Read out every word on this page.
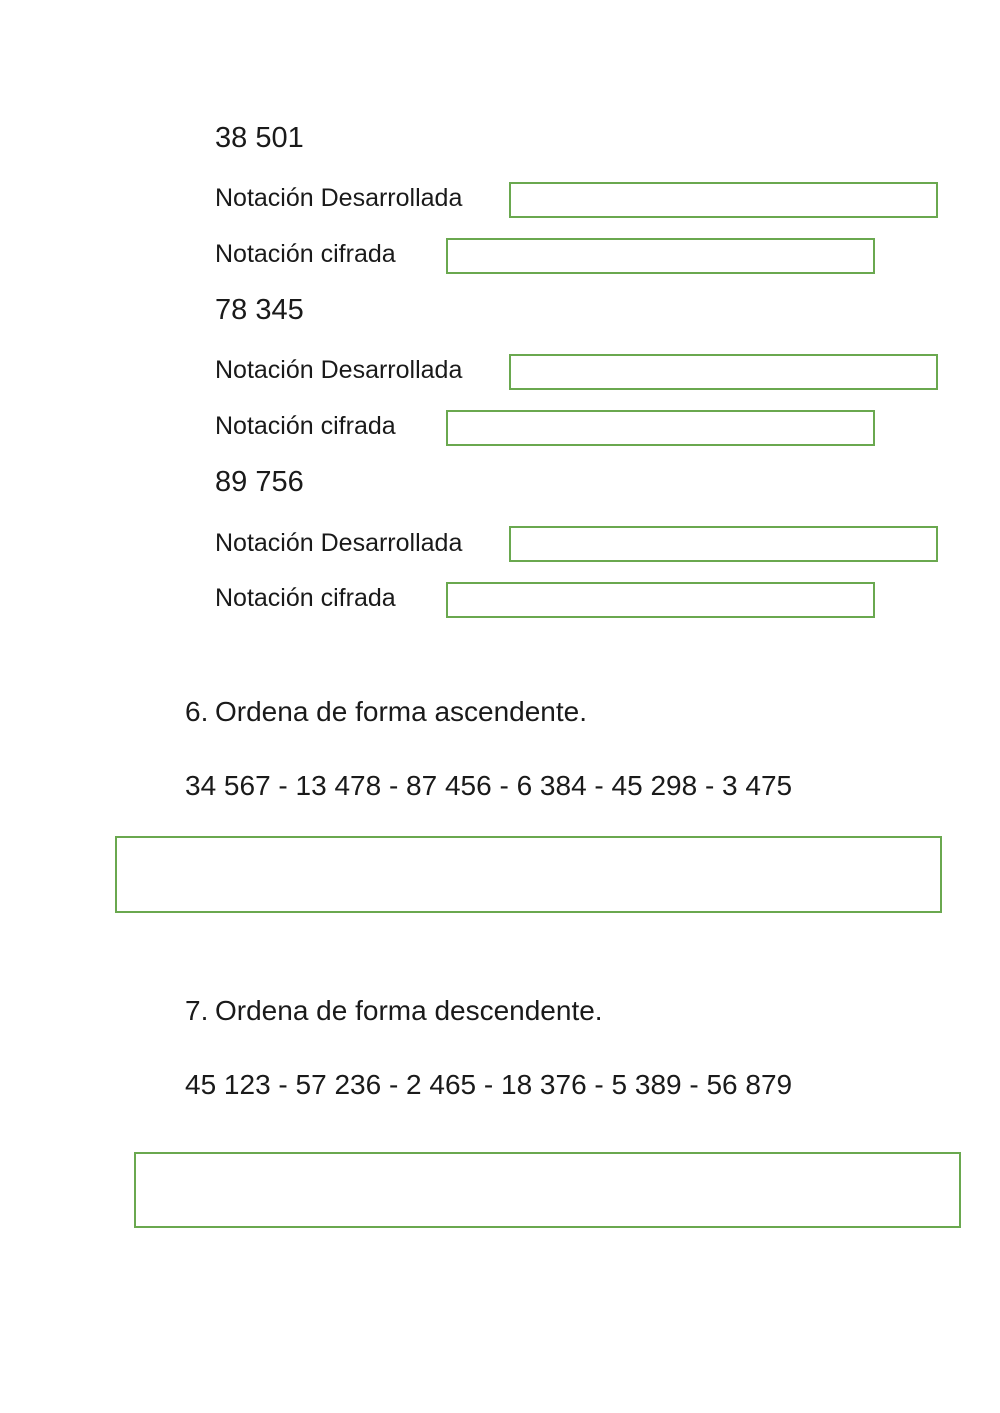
38 501
Notación Desarrollada
Notación cifrada
78 345
Notación Desarrollada
Notación cifrada
89 756
Notación Desarrollada
Notación cifrada
6. Ordena de forma ascendente.
34 567 - 13 478 - 87 456 - 6 384 - 45 298 - 3 475
7. Ordena de forma descendente.
45 123 - 57 236 - 2 465 - 18 376 - 5 389 - 56 879
